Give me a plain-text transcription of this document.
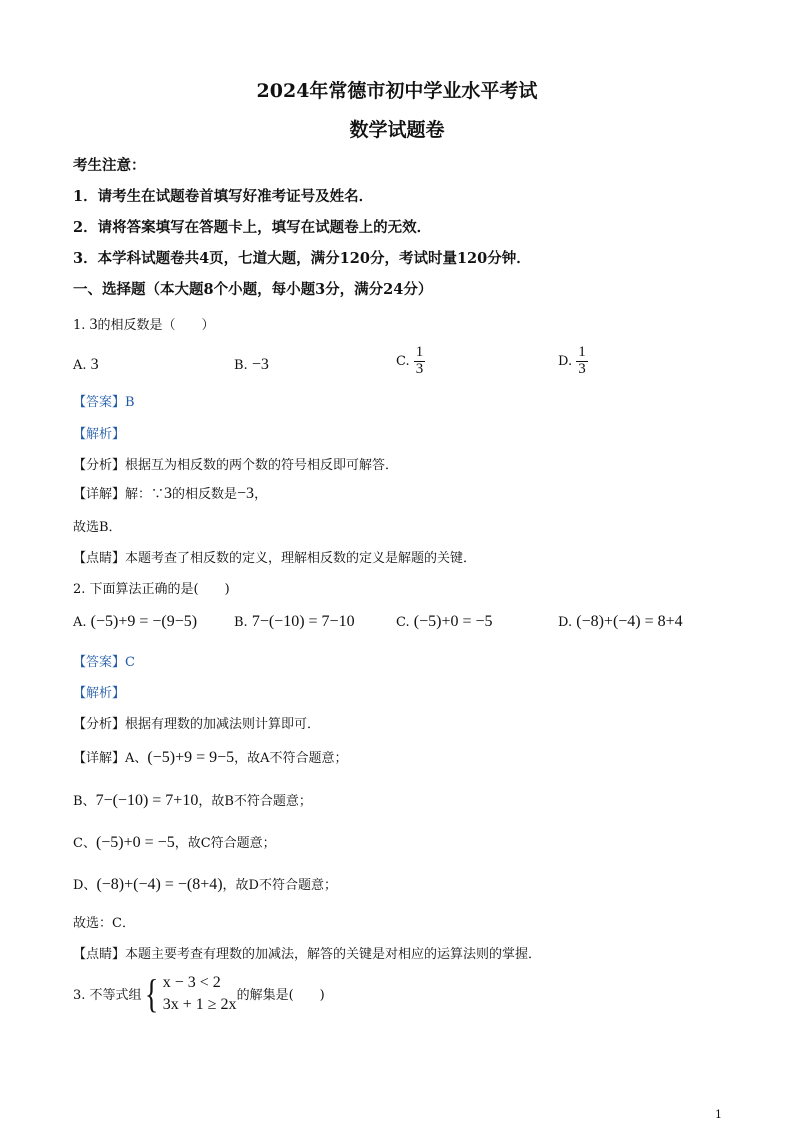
2024年常德市初中学业水平考试
数学试题卷
考生注意：
1．请考生在试题卷首填写好准考证号及姓名．
2．请将答案填写在答题卡上，填写在试题卷上的无效．
3．本学科试题卷共4页，七道大题，满分120分，考试时量120分钟．
一、选择题（本大题8个小题，每小题3分，满分24分）
1. 3的相反数是（　　）
A. 3	B. −3	C. $\frac{1}{3}$	D. $\frac{1}{3}$
【答案】B
【解析】
【分析】根据互为相反数的两个数的符号相反即可解答．
【详解】解：∵3的相反数是−3，
故选B．
【点睛】本题考查了相反数的定义，理解相反数的定义是解题的关键．
2. 下面算法正确的是(　　)
A. (−5)+9 = −(9−5)	B. 7−(−10) = 7−10	C. (−5)+0 = −5	D. (−8)+(−4) = 8+4
【答案】C
【解析】
【分析】根据有理数的加减法则计算即可．
【详解】A、(−5)+9 = 9−5，故A不符合题意；
B、7−(−10) = 7+10，故B不符合题意；
C、(−5)+0 = −5，故C符合题意；
D、(−8)+(−4) = −(8+4)，故D不符合题意；
故选：C．
【点睛】本题主要考查有理数的加减法，解答的关键是对相应的运算法则的掌握．
3. 不等式组 { x − 3 < 2
3x + 1 ≥ 2x 的解集是(　　)
1
